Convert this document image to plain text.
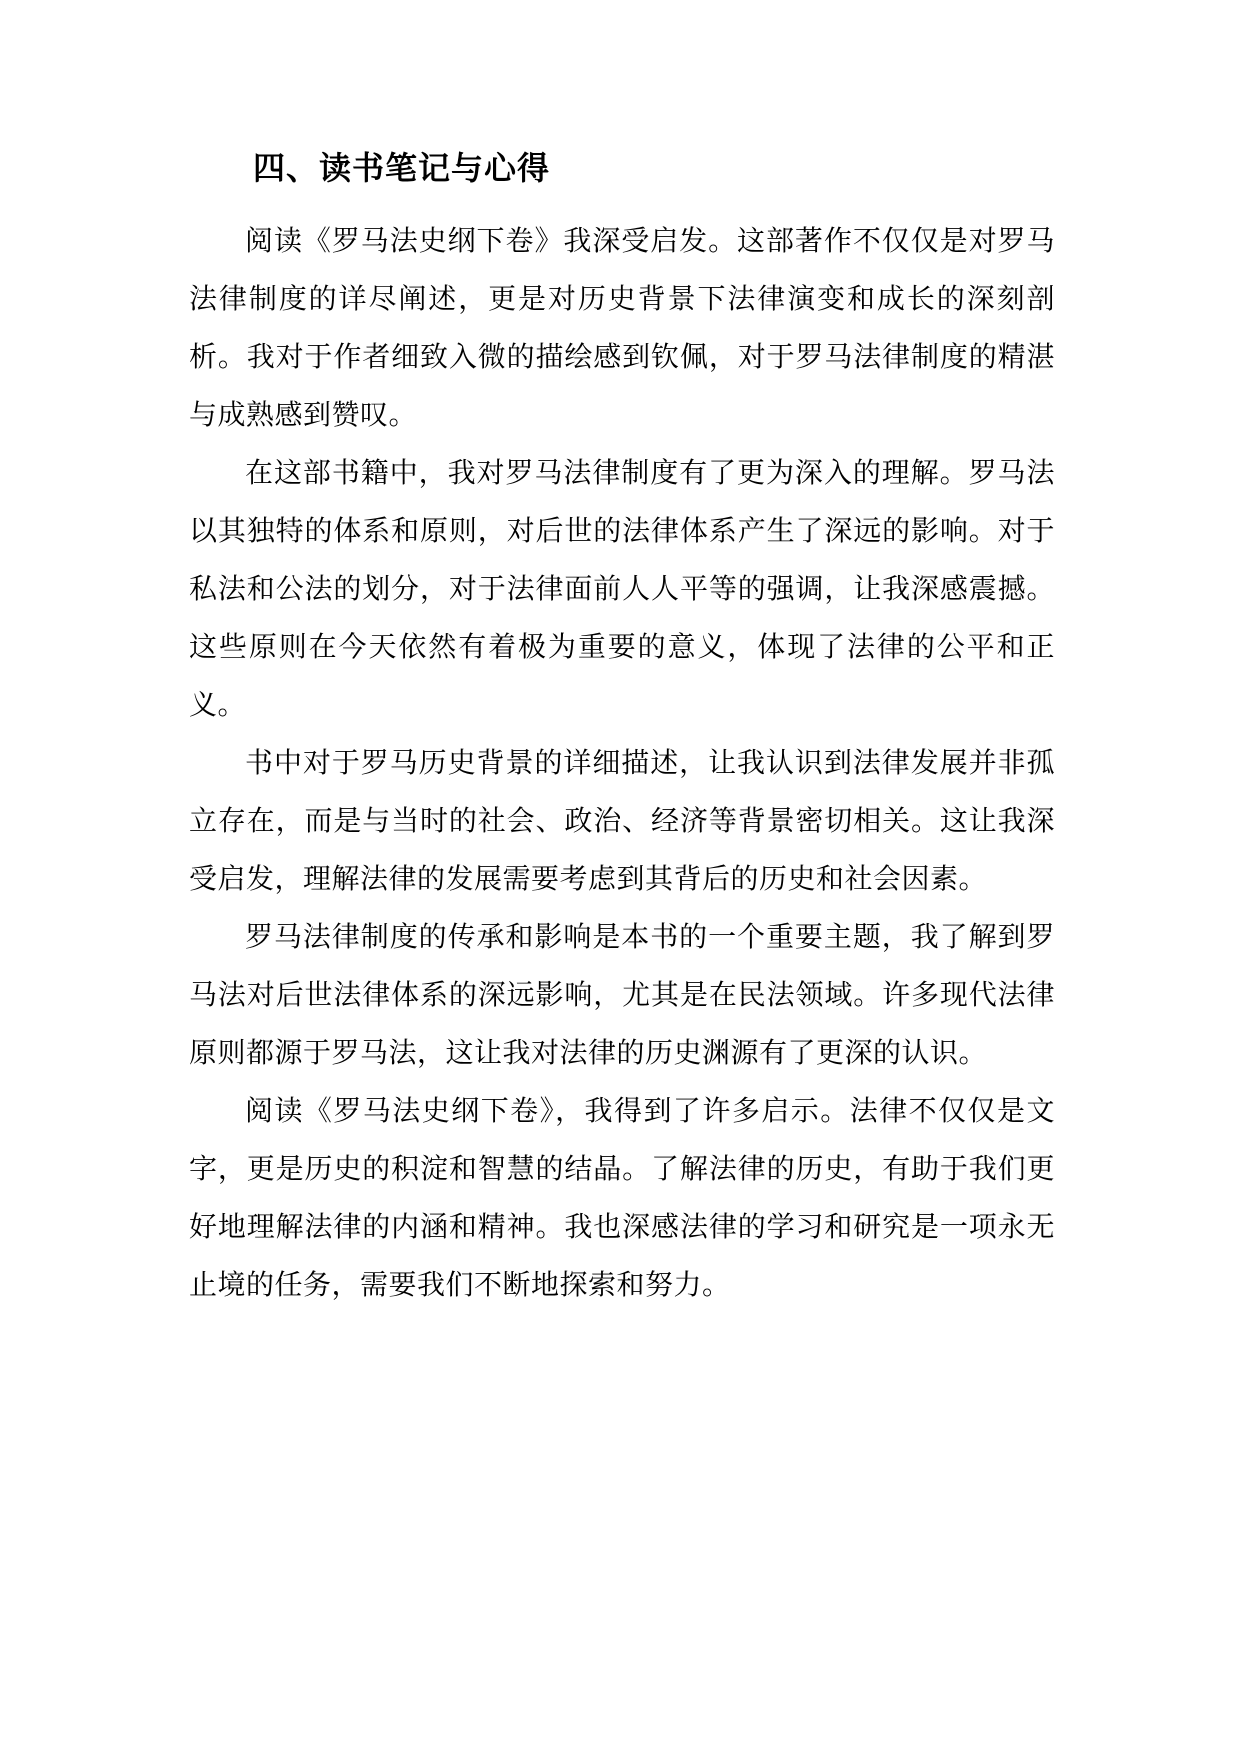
四、读书笔记与心得

阅读《罗马法史纲下卷》我深受启发。这部著作不仅仅是对罗马法律制度的详尽阐述，更是对历史背景下法律演变和成长的深刻剖析。我对于作者细致入微的描绘感到钦佩，对于罗马法律制度的精湛与成熟感到赞叹。

在这部书籍中，我对罗马法律制度有了更为深入的理解。罗马法以其独特的体系和原则，对后世的法律体系产生了深远的影响。对于私法和公法的划分，对于法律面前人人平等的强调，让我深感震撼。这些原则在今天依然有着极为重要的意义，体现了法律的公平和正义。

书中对于罗马历史背景的详细描述，让我认识到法律发展并非孤立存在，而是与当时的社会、政治、经济等背景密切相关。这让我深受启发，理解法律的发展需要考虑到其背后的历史和社会因素。

罗马法律制度的传承和影响是本书的一个重要主题，我了解到罗马法对后世法律体系的深远影响，尤其是在民法领域。许多现代法律原则都源于罗马法，这让我对法律的历史渊源有了更深的认识。

阅读《罗马法史纲下卷》，我得到了许多启示。法律不仅仅是文字，更是历史的积淀和智慧的结晶。了解法律的历史，有助于我们更好地理解法律的内涵和精神。我也深感法律的学习和研究是一项永无止境的任务，需要我们不断地探索和努力。
